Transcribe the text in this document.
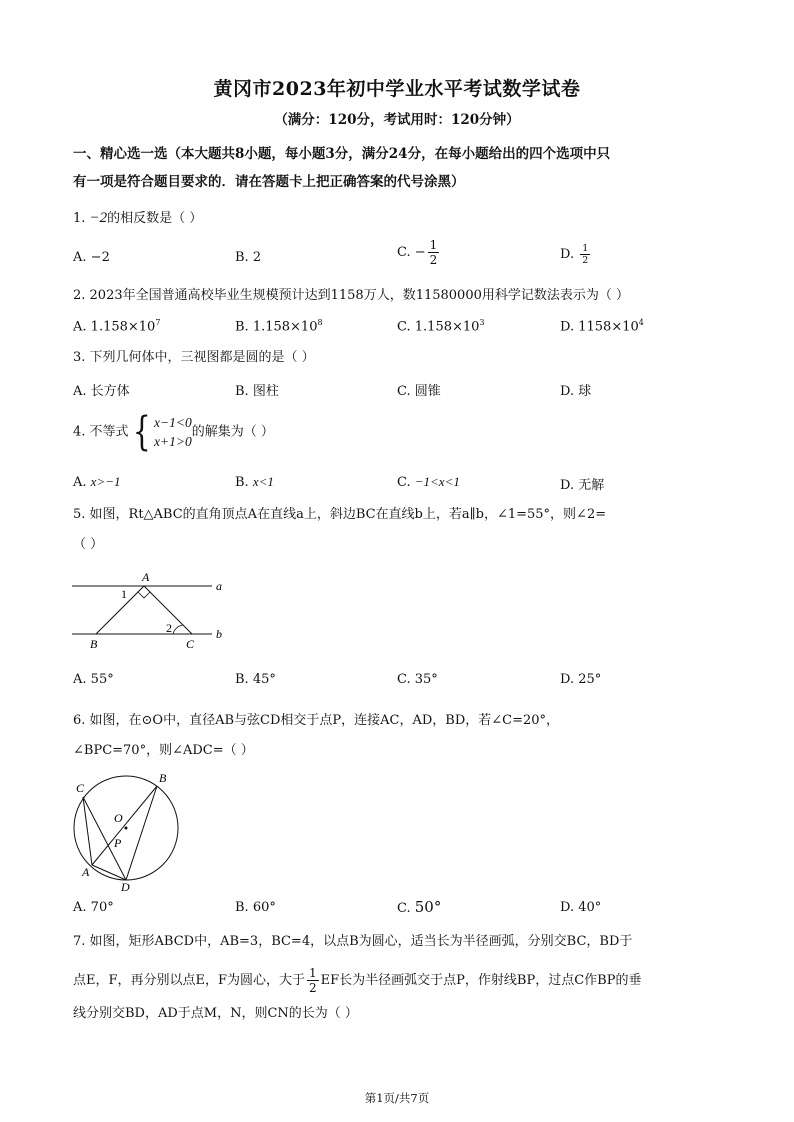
黄冈市2023年初中学业水平考试数学试卷
（满分：120分，考试用时：120分钟）
一、精心选一选（本大题共8小题，每小题3分，满分24分，在每小题给出的四个选项中只
有一项是符合题目要求的．请在答题卡上把正确答案的代号涂黑）
1. −2的相反数是（ ）
A. −2	B. 2	C. − $\frac{1}{2}$	D. $\frac{1}{2}$
2. 2023年全国普通高校毕业生规模预计达到1158万人，数11580000用科学记数法表示为（ ）
A. $1.158\times 10^7$	B. $1.158\times 10^8$	C. $1.158\times 10^3$	D. $1158\times 10^4$
3. 下列几何体中，三视图都是圆的是（ ）
A. 长方体	B. 图柱	C. 圆锥	D. 球
4. 不等式 { x−1<0
x+1>0
的解集为（ ）
A. x>−1	B. x<1	C. −1<x<1	D. 无解
5. 如图，Rt△ABC的直角顶点A在直线a上，斜边BC在直线b上，若a∥b，∠1=55°，则∠2=
（ ）
A
1
2
B	C
a
b
A. 55°	B. 45°	C. 35°	D. 25°
6. 如图，在⊙O中，直径AB与弦CD相交于点P，连接AC，AD，BD，若∠C=20°，
∠BPC=70°，则∠ADC=（ ）
C
B
O
P
A
D
A. 70°	B. 60°	C. 50°	D. 40°
7. 如图，矩形ABCD中，AB=3，BC=4，以点B为圆心，适当长为半径画弧，分别交BC，BD于
点E，F，再分别以点E，F为圆心，大于 $\frac{1}{2}$ EF长为半径画弧交于点P，作射线BP，过点C作BP的垂
线分别交BD，AD于点M，N，则CN的长为（ ）
第1页/共7页
